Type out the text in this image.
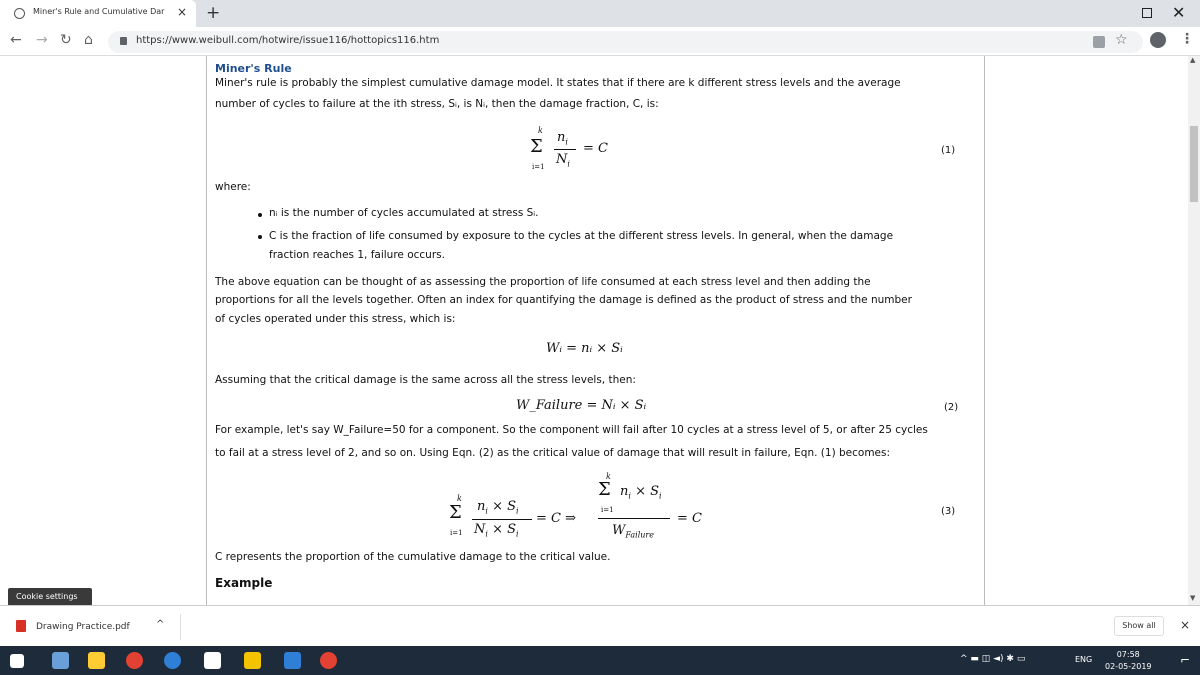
Miner's Rule and Cumulative Dar	× +	✕
← → ↻ ⌂	https://www.weibull.com/hotwire/issue116/hottopics116.htm	☆	⋮
Miner's Rule
Miner's rule is probably the simplest cumulative damage model. It states that if there are k different stress levels and the average
number of cycles to failure at the ith stress, Sᵢ, is Nᵢ, then the damage fraction, C, is:
k
Σ
i=1
$n_i$
$N_i$
= C	(1)
where:
nᵢ is the number of cycles accumulated at stress Sᵢ.
C is the fraction of life consumed by exposure to the cycles at the different stress levels. In general, when the damage
fraction reaches 1, failure occurs.
The above equation can be thought of as assessing the proportion of life consumed at each stress level and then adding the
proportions for all the levels together. Often an index for quantifying the damage is defined as the product of stress and the number
of cycles operated under this stress, which is:
Wᵢ = nᵢ × Sᵢ
Assuming that the critical damage is the same across all the stress levels, then:
W_Failure = Nᵢ × Sᵢ	(2)
For example, let's say W_Failure=50 for a component. So the component will fail after 10 cycles at a stress level of 5, or after 25 cycles
to fail at a stress level of 2, and so on. Using Eqn. (2) as the critical value of damage that will result in failure, Eqn. (1) becomes:
k
Σ
i=1
$n_i \times S_i$
$N_i \times S_i$
= C ⇒
k
Σ $n_i \times S_i$
i=1
$W_{Failure}$
= C	(3)
C represents the proportion of the cumulative damage to the critical value.
Example
▲
▼
Cookie settings
Drawing Practice.pdf	^	Show all	×
^ ▬ ◫ ◄) ✱ ▭	ENG
07:58
02-05-2019 ⌐
